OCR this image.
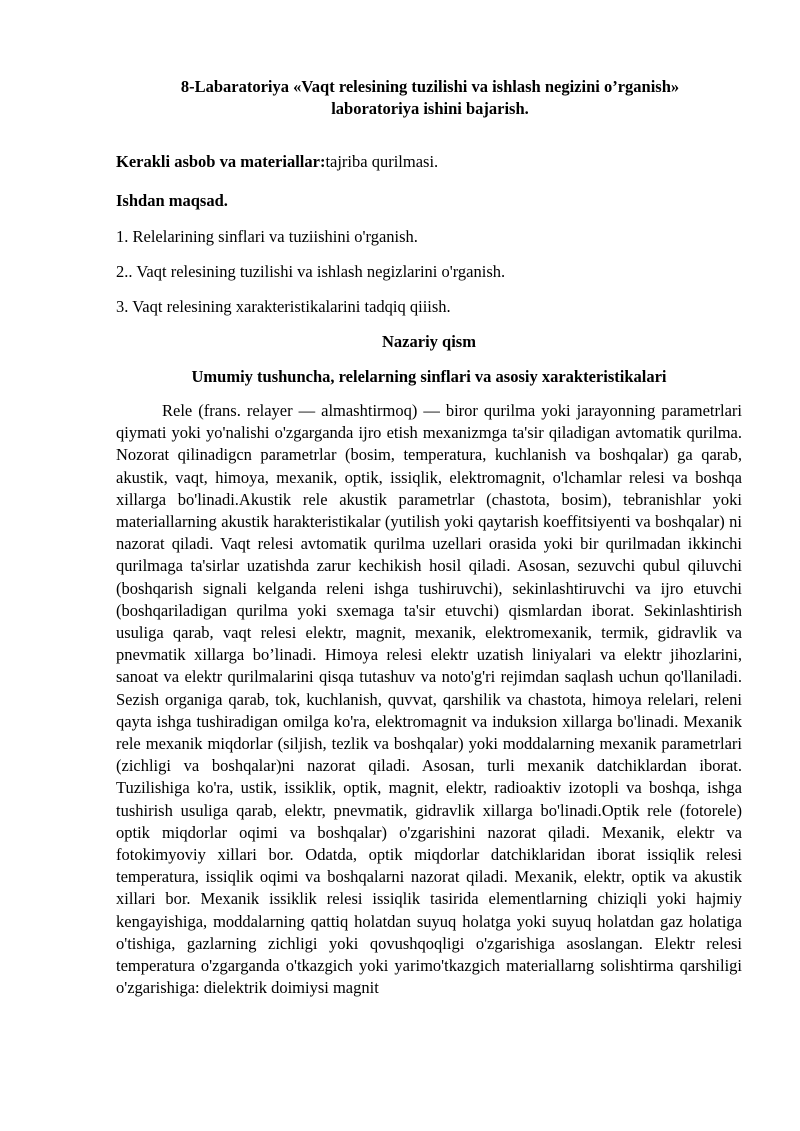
8-Labaratoriya «Vaqt relesining tuzilishi va ishlash negizini o’rganish» laboratoriya ishini bajarish.
Kerakli asbob va materiallar:tajriba qurilmasi.
Ishdan maqsad.
1. Relelarining sinflari va tuziishini o'rganish.
2.. Vaqt relesining tuzilishi va ishlash negizlarini o'rganish.
3. Vaqt relesining xarakteristikalarini tadqiq qiiish.
Nazariy qism
Umumiy tushuncha, relelarning sinflari va asosiy xarakteristikalari
Rele (frans. relayer — almashtirmoq) — biror qurilma yoki jarayonning parametrlari qiymati yoki yo'nalishi o'zgarganda ijro etish mexanizmga ta'sir qiladigan avtomatik qurilma. Nozorat qilinadigcn parametrlar (bosim, temperatura, kuchlanish va boshqalar) ga qarab, akustik, vaqt, himoya, mexanik, optik, issiqlik, elektromagnit, o'lchamlar relesi va boshqa xillarga bo'linadi.Akustik rele akustik parametrlar (chastota, bosim), tebranishlar yoki materiallarning akustik harakteristikalar (yutilish yoki qaytarish koeffitsiyenti va boshqalar) ni nazorat qiladi. Vaqt relesi avtomatik qurilma uzellari orasida yoki bir qurilmadan ikkinchi qurilmaga ta'sirlar uzatishda zarur kechikish hosil qiladi. Asosan, sezuvchi qubul qiluvchi (boshqarish signali kelganda releni ishga tushiruvchi), sekinlashtiruvchi va ijro etuvchi (boshqariladigan qurilma yoki sxemaga ta'sir etuvchi) qismlardan iborat. Sekinlashtirish usuliga qarab, vaqt relesi elektr, magnit, mexanik, elektromexanik, termik, gidravlik va pnevmatik xillarga bo’linadi. Himoya relesi elektr uzatish liniyalari va elektr jihozlarini, sanoat va elektr qurilmalarini qisqa tutashuv va noto'g'ri rejimdan saqlash uchun qo'llaniladi. Sezish organiga qarab, tok, kuchlanish, quvvat, qarshilik va chastota, himoya relelari, releni qayta ishga tushiradigan omilga ko'ra, elektromagnit va induksion xillarga bo'linadi. Mexanik rele mexanik miqdorlar (siljish, tezlik va boshqalar) yoki moddalarning mexanik parametrlari (zichligi va boshqalar)ni nazorat qiladi. Asosan, turli mexanik datchiklardan iborat. Tuzilishiga ko'ra, ustik, issiklik, optik, magnit, elektr, radioaktiv izotopli va boshqa, ishga tushirish usuliga qarab, elektr, pnevmatik, gidravlik xillarga bo'linadi.Optik rele (fotorele) optik miqdorlar oqimi va boshqalar) o'zgarishini nazorat qiladi. Mexanik, elektr va fotokimyoviy xillari bor. Odatda, optik miqdorlar datchiklaridan iborat issiqlik relesi temperatura, issiqlik oqimi va boshqalarni nazorat qiladi. Mexanik, elektr, optik va akustik xillari bor. Mexanik issiklik relesi issiqlik tasirida elementlarning chiziqli yoki hajmiy kengayishiga, moddalarning qattiq holatdan suyuq holatga yoki suyuq holatdan gaz holatiga o'tishiga, gazlarning zichligi yoki qovushqoqligi o'zgarishiga asoslangan. Elektr relesi temperatura o'zgarganda o'tkazgich yoki yarimo'tkazgich materiallarng solishtirma qarshiligi o'zgarishiga: dielektrik doimiysi magnit
